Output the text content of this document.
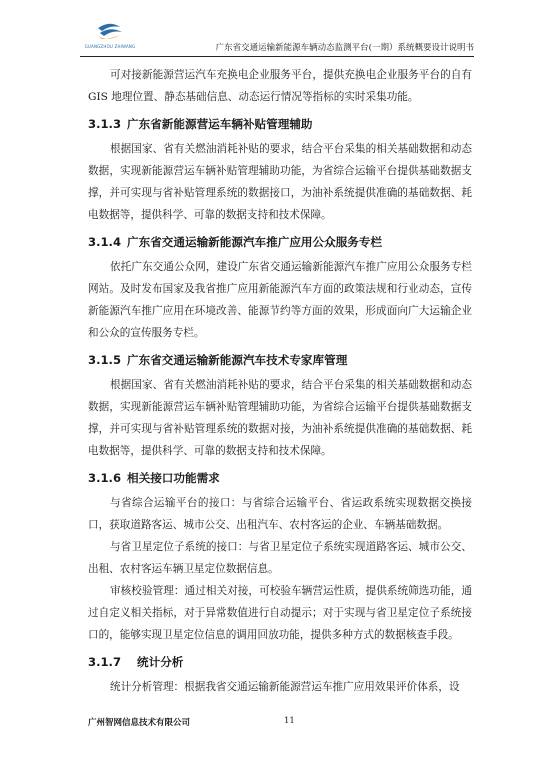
GUANGZHOU ZHIWANG	广东省交通运输新能源车辆动态监测平台(一期）系统概要设计说明书

可对接新能源营运汽车充换电企业服务平台，提供充换电企业服务平台的自有 GIS 地理位置、静态基础信息、动态运行情况等指标的实时采集功能。

3.1.3 广东省新能源营运车辆补贴管理辅助

根据国家、省有关燃油消耗补贴的要求，结合平台采集的相关基础数据和动态数据，实现新能源营运车辆补贴管理辅助功能，为省综合运输平台提供基础数据支撑，并可实现与省补贴管理系统的数据接口，为油补系统提供准确的基础数据、耗电数据等，提供科学、可靠的数据支持和技术保障。

3.1.4 广东省交通运输新能源汽车推广应用公众服务专栏

依托广东交通公众网，建设广东省交通运输新能源汽车推广应用公众服务专栏网站。及时发布国家及我省推广应用新能源汽车方面的政策法规和行业动态，宣传新能源汽车推广应用在环境改善、能源节约等方面的效果，形成面向广大运输企业和公众的宣传服务专栏。

3.1.5 广东省交通运输新能源汽车技术专家库管理

根据国家、省有关燃油消耗补贴的要求，结合平台采集的相关基础数据和动态数据，实现新能源营运车辆补贴管理辅助功能，为省综合运输平台提供基础数据支撑，并可实现与省补贴管理系统的数据对接，为油补系统提供准确的基础数据、耗电数据等，提供科学、可靠的数据支持和技术保障。

3.1.6 相关接口功能需求

与省综合运输平台的接口：与省综合运输平台、省运政系统实现数据交换接口，获取道路客运、城市公交、出租汽车、农村客运的企业、车辆基础数据。

与省卫星定位子系统的接口：与省卫星定位子系统实现道路客运、城市公交、出租、农村客运车辆卫星定位数据信息。

审核校验管理：通过相关对接，可校验车辆营运性质，提供系统筛选功能，通过自定义相关指标，对于异常数值进行自动提示；对于实现与省卫星定位子系统接口的，能够实现卫星定位信息的调用回放功能，提供多种方式的数据核查手段。

3.1.7 统计分析

统计分析管理：根据我省交通运输新能源营运车推广应用效果评价体系，设

广州智网信息技术有限公司	11
